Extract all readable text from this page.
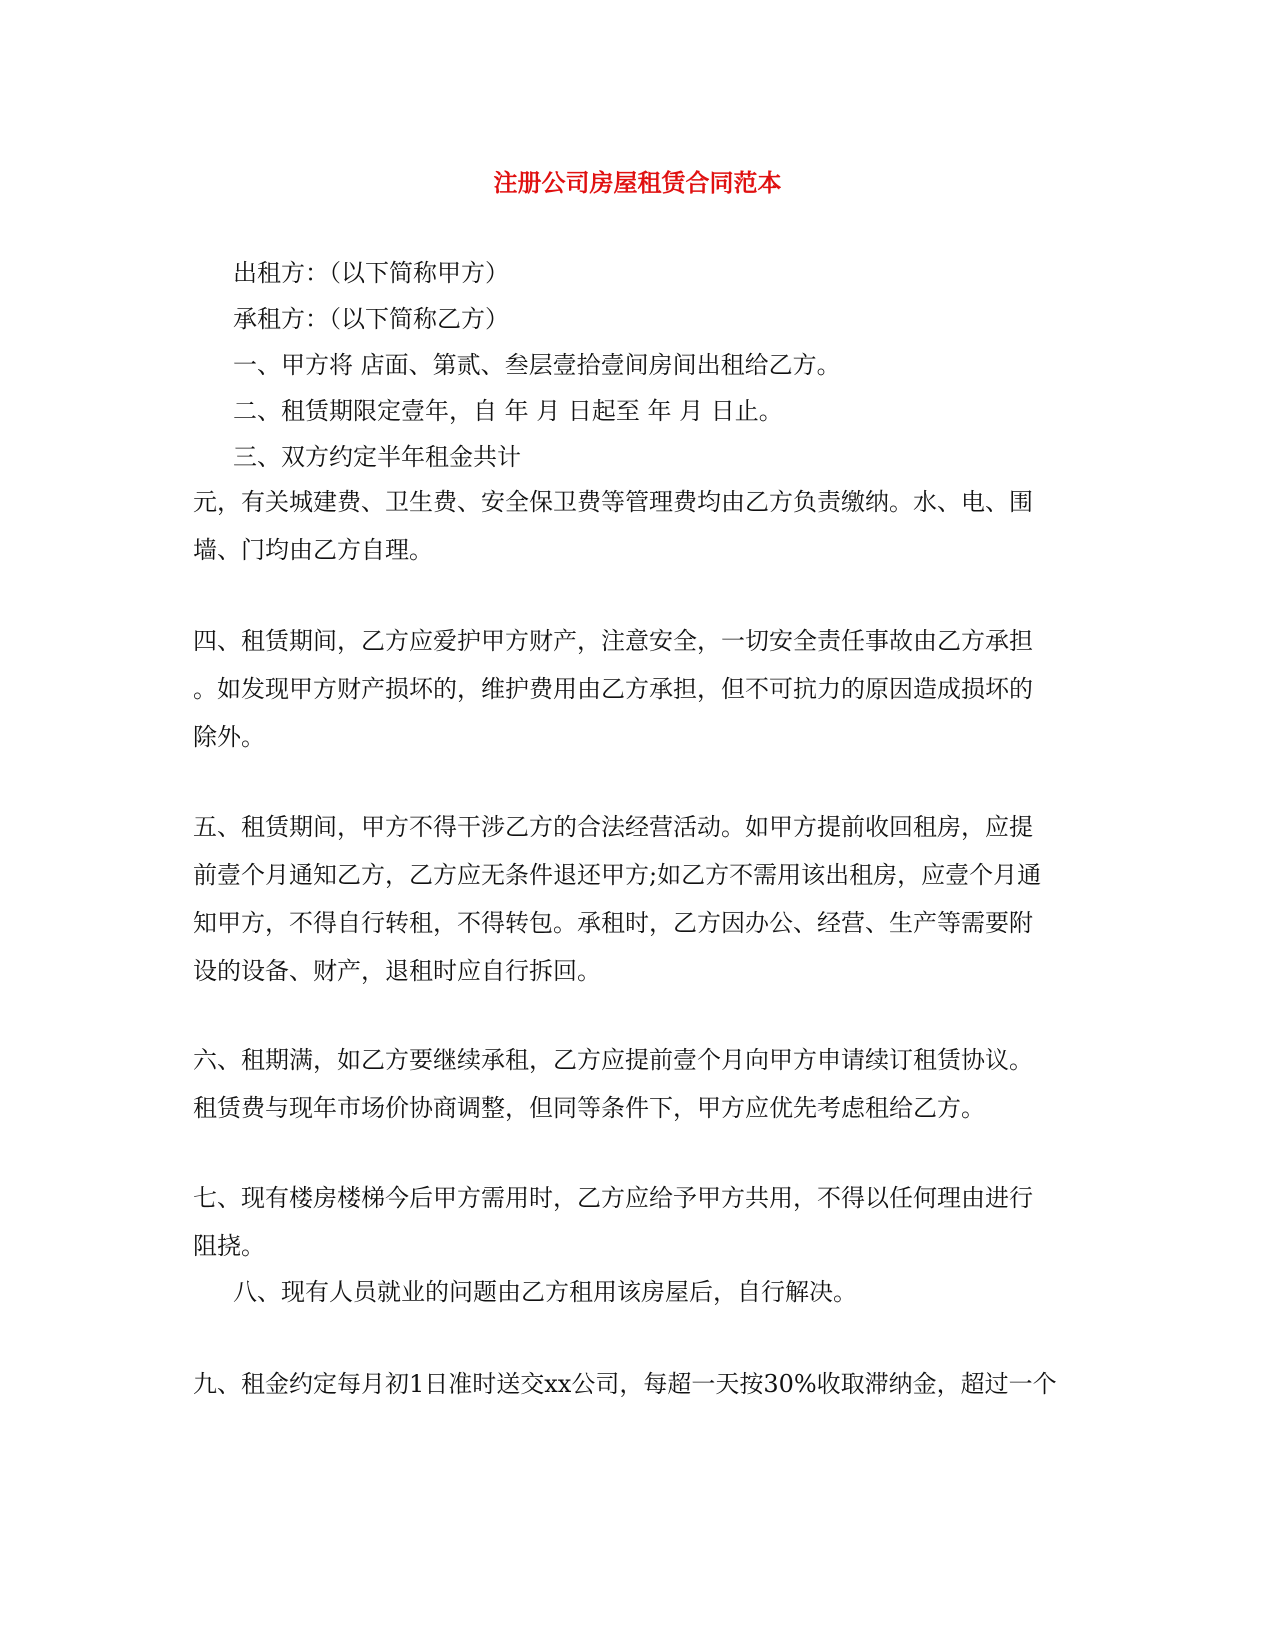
注册公司房屋租赁合同范本
出租方：（以下简称甲方）
承租方：（以下简称乙方）
一、甲方将 店面、第贰、叁层壹拾壹间房间出租给乙方。
二、租赁期限定壹年，自 年 月 日起至 年 月 日止。
三、双方约定半年租金共计
元，有关城建费、卫生费、安全保卫费等管理费均由乙方负责缴纳。水、电、围
墙、门均由乙方自理。
四、租赁期间，乙方应爱护甲方财产，注意安全，一切安全责任事故由乙方承担
。如发现甲方财产损坏的，维护费用由乙方承担，但不可抗力的原因造成损坏的
除外。
五、租赁期间，甲方不得干涉乙方的合法经营活动。如甲方提前收回租房，应提
前壹个月通知乙方，乙方应无条件退还甲方;如乙方不需用该出租房，应壹个月通
知甲方，不得自行转租，不得转包。承租时，乙方因办公、经营、生产等需要附
设的设备、财产，退租时应自行拆回。
六、租期满，如乙方要继续承租，乙方应提前壹个月向甲方申请续订租赁协议。
租赁费与现年市场价协商调整，但同等条件下，甲方应优先考虑租给乙方。
七、现有楼房楼梯今后甲方需用时，乙方应给予甲方共用，不得以任何理由进行
阻挠。
八、现有人员就业的问题由乙方租用该房屋后，自行解决。
九、租金约定每月初1日准时送交xx公司，每超一天按30%收取滞纳金，超过一个
